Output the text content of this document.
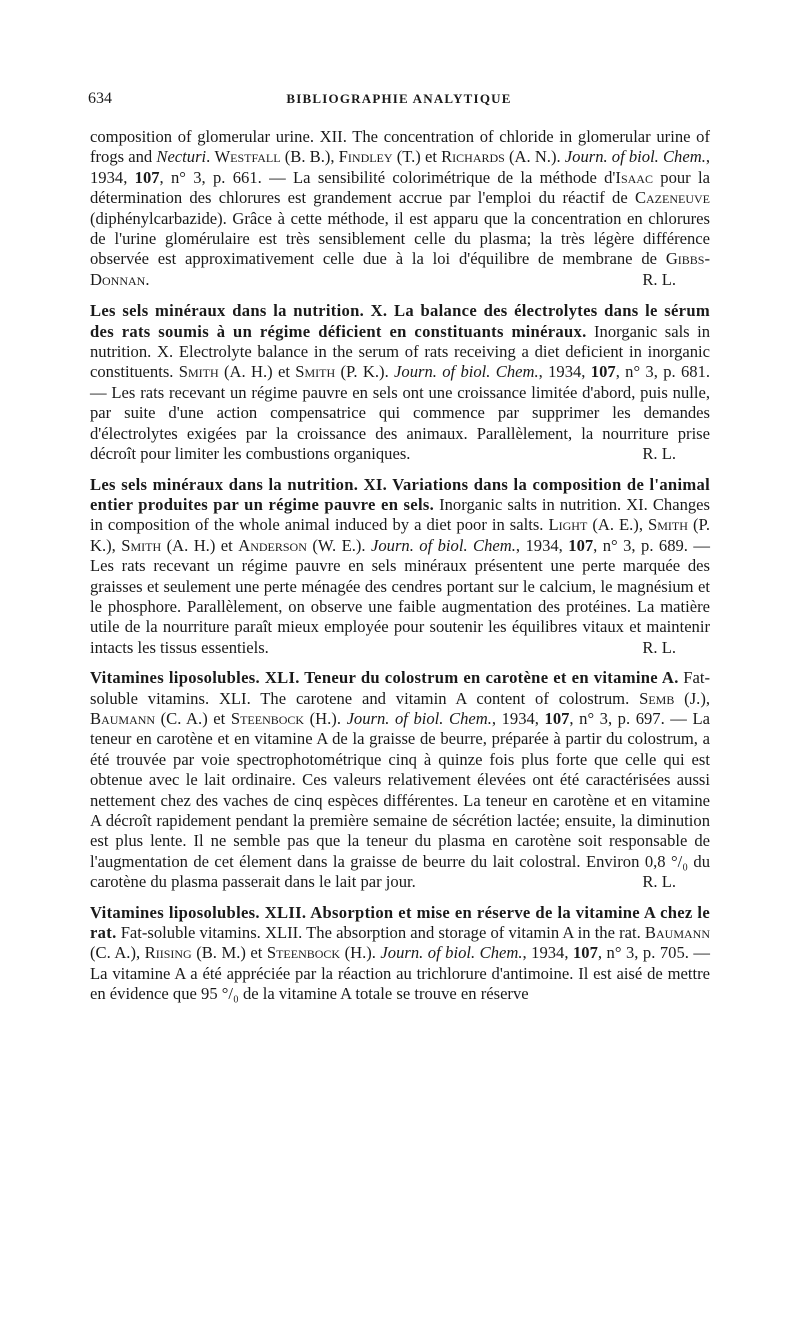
634	BIBLIOGRAPHIE ANALYTIQUE

composition of glomerular urine. XII. The concentration of chloride in glomerular urine of frogs and Necturi. Westfall (B. B.), Findley (T.) et Richards (A. N.). Journ. of biol. Chem., 1934, 107, n° 3, p. 661. — La sensibilité colorimétrique de la méthode d'Isaac pour la détermination des chlorures est grandement accrue par l'emploi du réactif de Cazeneuve (diphénylcarbazide). Grâce à cette méthode, il est apparu que la concentration en chlorures de l'urine glomérulaire est très sensiblement celle du plasma; la très légère différence observée est approximativement celle due à la loi d'équilibre de membrane de Gibbs-Donnan.	R. L.

Les sels minéraux dans la nutrition. X. La balance des électrolytes dans le sérum des rats soumis à un régime déficient en constituants minéraux. Inorganic sals in nutrition. X. Electrolyte balance in the serum of rats receiving a diet deficient in inorganic constituents. Smith (A. H.) et Smith (P. K.). Journ. of biol. Chem., 1934, 107, n° 3, p. 681. — Les rats recevant un régime pauvre en sels ont une croissance limitée d'abord, puis nulle, par suite d'une action compensatrice qui commence par supprimer les demandes d'électrolytes exigées par la croissance des animaux. Parallèlement, la nourriture prise décroît pour limiter les combustions organiques.	R. L.

Les sels minéraux dans la nutrition. XI. Variations dans la composition de l'animal entier produites par un régime pauvre en sels. Inorganic salts in nutrition. XI. Changes in composition of the whole animal induced by a diet poor in salts. Light (A. E.), Smith (P. K.), Smith (A. H.) et Anderson (W. E.). Journ. of biol. Chem., 1934, 107, n° 3, p. 689. — Les rats recevant un régime pauvre en sels minéraux présentent une perte marquée des graisses et seulement une perte ménagée des cendres portant sur le calcium, le magnésium et le phosphore. Parallèlement, on observe une faible augmentation des protéines. La matière utile de la nourriture paraît mieux employée pour soutenir les équilibres vitaux et maintenir intacts les tissus essentiels.	R. L.

Vitamines liposolubles. XLI. Teneur du colostrum en carotène et en vitamine A. Fat-soluble vitamins. XLI. The carotene and vitamin A content of colostrum. Semb (J.), Baumann (C. A.) et Steenbock (H.). Journ. of biol. Chem., 1934, 107, n° 3, p. 697. — La teneur en carotène et en vitamine A de la graisse de beurre, préparée à partir du colostrum, a été trouvée par voie spectrophotométrique cinq à quinze fois plus forte que celle qui est obtenue avec le lait ordinaire. Ces valeurs relativement élevées ont été caractérisées aussi nettement chez des vaches de cinq espèces différentes. La teneur en carotène et en vitamine A décroît rapidement pendant la première semaine de sécrétion lactée; ensuite, la diminution est plus lente. Il ne semble pas que la teneur du plasma en carotène soit responsable de l'augmentation de cet élement dans la graisse de beurre du lait colostral. Environ 0,8 °/₀ du carotène du plasma passerait dans le lait par jour.	R. L.

Vitamines liposolubles. XLII. Absorption et mise en réserve de la vitamine A chez le rat. Fat-soluble vitamins. XLII. The absorption and storage of vitamin A in the rat. Baumann (C. A.), Riising (B. M.) et Steenbock (H.). Journ. of biol. Chem., 1934, 107, n° 3, p. 705. — La vitamine A a été appréciée par la réaction au trichlorure d'antimoine. Il est aisé de mettre en évidence que 95 °/₀ de la vitamine A totale se trouve en réserve
